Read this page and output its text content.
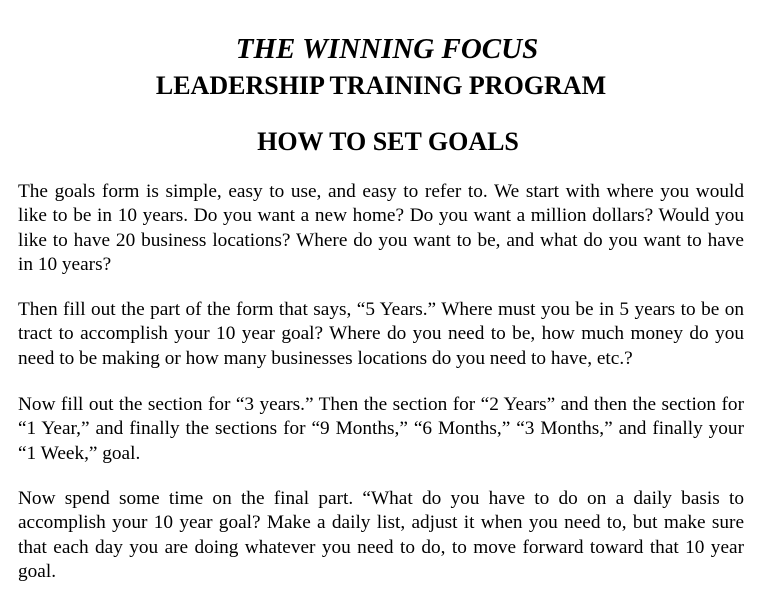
THE WINNING FOCUS
LEADERSHIP TRAINING PROGRAM
HOW TO SET GOALS

The goals form is simple, easy to use, and easy to refer to. We start with where you would like to be in 10 years. Do you want a new home? Do you want a million dollars? Would you like to have 20 business locations? Where do you want to be, and what do you want to have in 10 years?

Then fill out the part of the form that says, “5 Years.” Where must you be in 5 years to be on tract to accomplish your 10 year goal? Where do you need to be, how much money do you need to be making or how many businesses locations do you need to have, etc.?

Now fill out the section for “3 years.” Then the section for “2 Years” and then the section for “1 Year,” and finally the sections for “9 Months,” “6 Months,” “3 Months,” and finally your “1 Week,” goal.

Now spend some time on the final part. “What do you have to do on a daily basis to accomplish your 10 year goal? Make a daily list, adjust it when you need to, but make sure that each day you are doing whatever you need to do, to move forward toward that 10 year goal.
